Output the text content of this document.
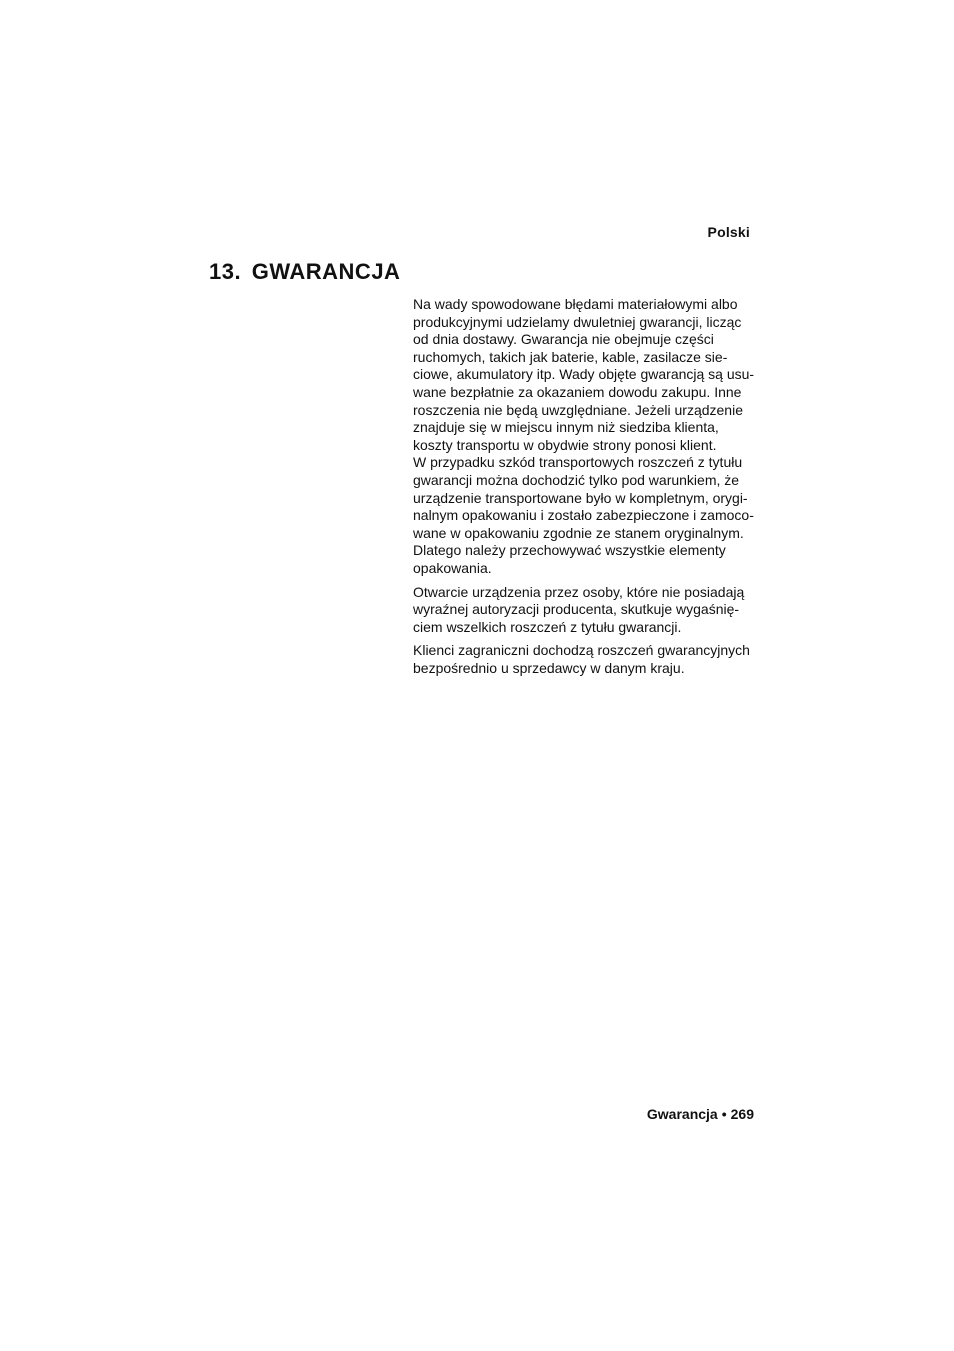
Polski
13. GWARANCJA

Na wady spowodowane błędami materiałowymi albo
produkcyjnymi udzielamy dwuletniej gwarancji, licząc
od dnia dostawy. Gwarancja nie obejmuje części
ruchomych, takich jak baterie, kable, zasilacze sie-
ciowe, akumulatory itp. Wady objęte gwarancją są usu-
wane bezpłatnie za okazaniem dowodu zakupu. Inne
roszczenia nie będą uwzględniane. Jeżeli urządzenie
znajduje się w miejscu innym niż siedziba klienta,
koszty transportu w obydwie strony ponosi klient.
W przypadku szkód transportowych roszczeń z tytułu
gwarancji można dochodzić tylko pod warunkiem, że
urządzenie transportowane było w kompletnym, orygi-
nalnym opakowaniu i zostało zabezpieczone i zamoco-
wane w opakowaniu zgodnie ze stanem oryginalnym.
Dlatego należy przechowywać wszystkie elementy
opakowania.

Otwarcie urządzenia przez osoby, które nie posiadają
wyraźnej autoryzacji producenta, skutkuje wygaśnię-
ciem wszelkich roszczeń z tytułu gwarancji.

Klienci zagraniczni dochodzą roszczeń gwarancyjnych
bezpośrednio u sprzedawcy w danym kraju.

Gwarancja • 269
